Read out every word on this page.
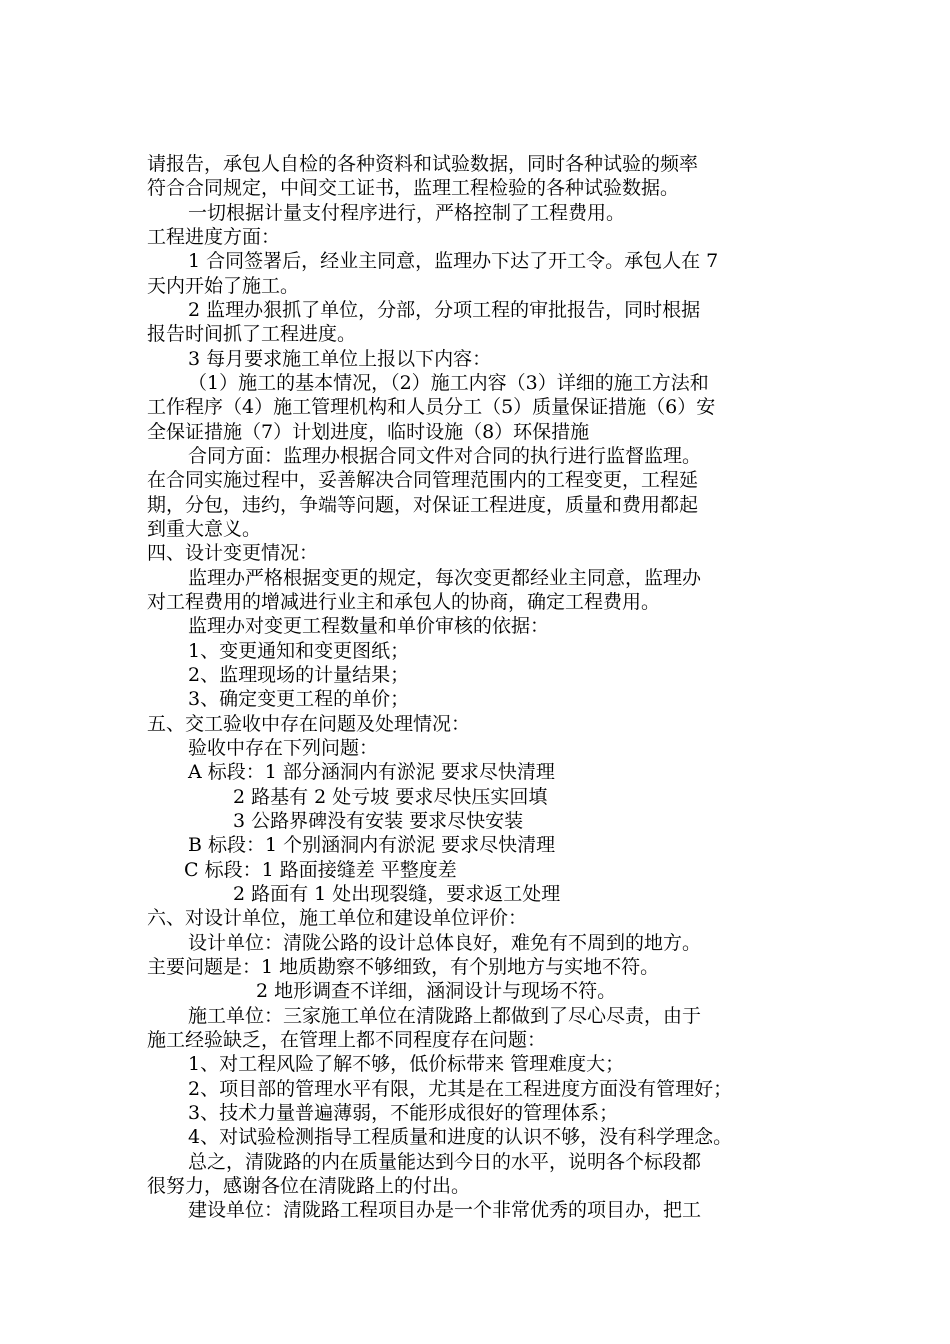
请报告，承包人自检的各种资料和试验数据，同时各种试验的频率
符合合同规定，中间交工证书，监理工程检验的各种试验数据。
一切根据计量支付程序进行，严格控制了工程费用。
工程进度方面：
1 合同签署后，经业主同意，监理办下达了开工令。承包人在 7
天内开始了施工。
2 监理办狠抓了单位，分部，分项工程的审批报告，同时根据
报告时间抓了工程进度。
3 每月要求施工单位上报以下内容：
（1）施工的基本情况，（2）施工内容（3）详细的施工方法和
工作程序（4）施工管理机构和人员分工（5）质量保证措施（6）安
全保证措施（7）计划进度，临时设施（8）环保措施
合同方面：监理办根据合同文件对合同的执行进行监督监理。
在合同实施过程中，妥善解决合同管理范围内的工程变更，工程延
期，分包，违约，争端等问题，对保证工程进度，质量和费用都起
到重大意义。
四、设计变更情况：
监理办严格根据变更的规定，每次变更都经业主同意，监理办
对工程费用的增减进行业主和承包人的协商，确定工程费用。
监理办对变更工程数量和单价审核的依据：
1、变更通知和变更图纸；
2、监理现场的计量结果；
3、确定变更工程的单价；
五、交工验收中存在问题及处理情况：
验收中存在下列问题：
A 标段：1 部分涵洞内有淤泥 要求尽快清理
2 路基有 2 处亏坡 要求尽快压实回填
3 公路界碑没有安装 要求尽快安装
B 标段：1 个别涵洞内有淤泥 要求尽快清理
C 标段：1 路面接缝差 平整度差
2 路面有 1 处出现裂缝，要求返工处理
六、对设计单位，施工单位和建设单位评价：
设计单位：清陇公路的设计总体良好，难免有不周到的地方。
主要问题是：1 地质勘察不够细致，有个别地方与实地不符。
2 地形调查不详细，涵洞设计与现场不符。
施工单位：三家施工单位在清陇路上都做到了尽心尽责，由于
施工经验缺乏，在管理上都不同程度存在问题：
1、对工程风险了解不够，低价标带来 管理难度大；
2、项目部的管理水平有限，尤其是在工程进度方面没有管理好；
3、技术力量普遍薄弱，不能形成很好的管理体系；
4、对试验检测指导工程质量和进度的认识不够，没有科学理念。
总之，清陇路的内在质量能达到今日的水平，说明各个标段都
很努力，感谢各位在清陇路上的付出。
建设单位：清陇路工程项目办是一个非常优秀的项目办，把工
